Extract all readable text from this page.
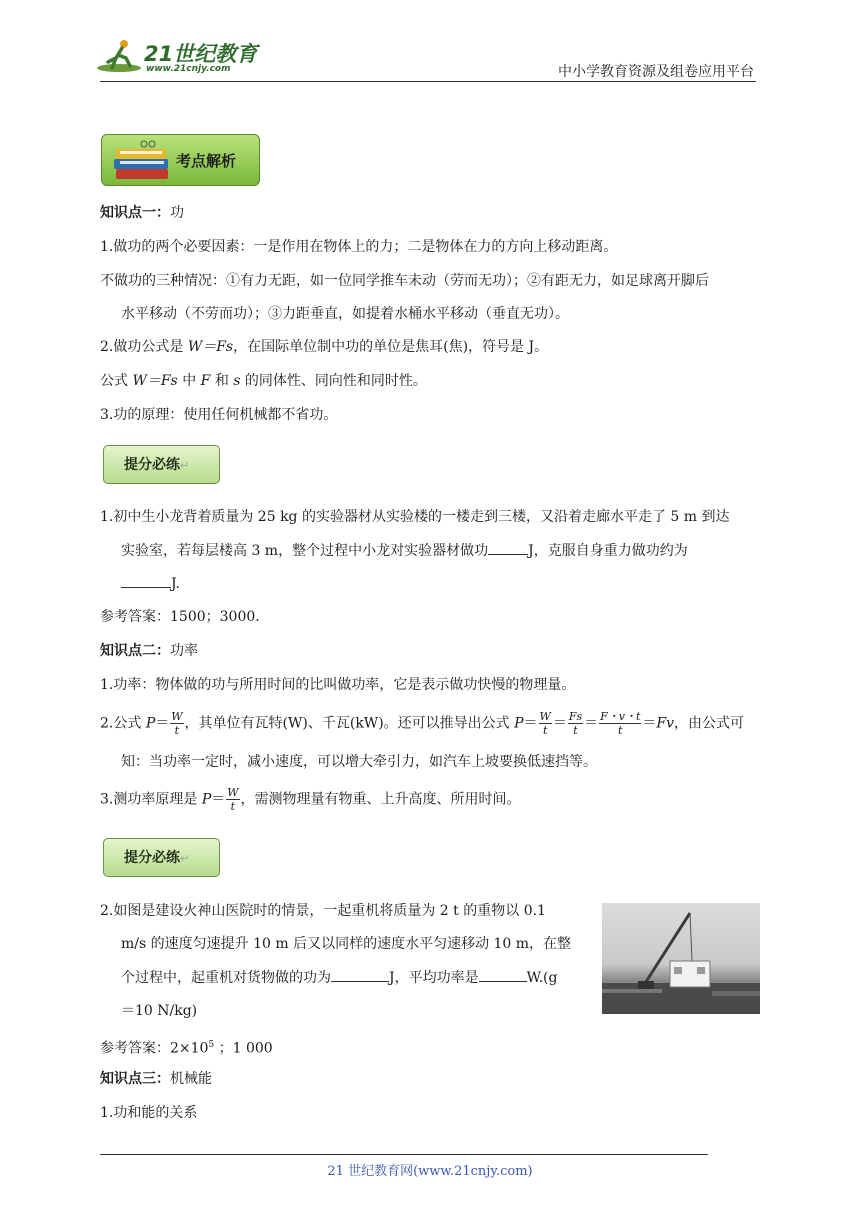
21世纪教育
www.21cnjy.com	中小学教育资源及组卷应用平台
考点解析
知识点一：功
1.做功的两个必要因素：一是作用在物体上的力；二是物体在力的方向上移动距离。
不做功的三种情况：①有力无距，如一位同学推车未动（劳而无功）；②有距无力，如足球离开脚后
水平移动（不劳而功）；③力距垂直，如提着水桶水平移动（垂直无功）。
2.做功公式是 W＝Fs，在国际单位制中功的单位是焦耳(焦)，符号是 J。
公式 W＝Fs 中 F 和 s 的同体性、同向性和同时性。
3.功的原理：使用任何机械都不省功。
提分必练↵
1.初中生小龙背着质量为 25 kg 的实验器材从实验楼的一楼走到三楼，又沿着走廊水平走了 5 m 到达
实验室，若每层楼高 3 m，整个过程中小龙对实验器材做功	J，克服自身重力做功约为
J.
参考答案：1500；3000.
知识点二：功率
1.功率：物体做的功与所用时间的比叫做功率，它是表示做功快慢的物理量。
2.公式 $P= \frac{W}{t}$ ，其单位有瓦特(W)、千瓦(kW)。还可以推导出公式 $P= \frac{W}{t} = \frac{Fs}{t} = \frac{F・v・t}{t} =Fv$，由公式可
知：当功率一定时，减小速度，可以增大牵引力，如汽车上坡要换低速挡等。
3.测功率原理是 $P= \frac{W}{t}$ ，需测物理量有物重、上升高度、所用时间。
提分必练↵
2.如图是建设火神山医院时的情景，一起重机将质量为 2 t 的重物以 0.1
m/s 的速度匀速提升 10 m 后又以同样的速度水平匀速移动 10 m，在整
个过程中，起重机对货物做的功为	J，平均功率是	W.(g
＝10 N/kg)
参考答案：$2\times 10^5$ ；1 000
知识点三：机械能
1.功和能的关系
21 世纪教育网(www.21cnjy.com)
